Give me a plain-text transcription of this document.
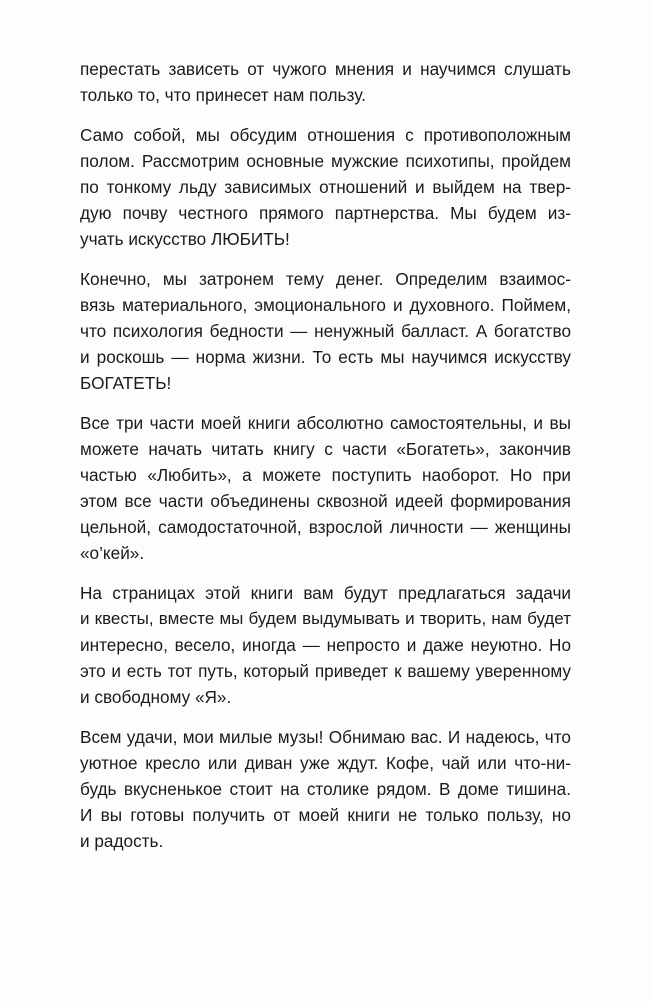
перестать зависеть от чужого мнения и научимся слушать
только то, что принесет нам пользу.
Само собой, мы обсудим отношения с противоположным
полом. Рассмотрим основные мужские психотипы, пройдем
по тонкому льду зависимых отношений и выйдем на твер-
дую почву честного прямого партнерства. Мы будем из-
учать искусство ЛЮБИТЬ!
Конечно, мы затронем тему денег. Определим взаимос-
вязь материального, эмоционального и духовного. Поймем,
что психология бедности — ненужный балласт. А богатство
и роскошь — норма жизни. То есть мы научимся искусству
БОГАТЕТЬ!
Все три части моей книги абсолютно самостоятельны, и вы
можете начать читать книгу с части «Богатеть», закончив
частью «Любить», а можете поступить наоборот. Но при
этом все части объединены сквозной идеей формирования
цельной, самодостаточной, взрослой личности — женщины
«о’кей».
На страницах этой книги вам будут предлагаться задачи
и квесты, вместе мы будем выдумывать и творить, нам будет
интересно, весело, иногда — непросто и даже неуютно. Но
это и есть тот путь, который приведет к вашему уверенному
и свободному «Я».
Всем удачи, мои милые музы! Обнимаю вас. И надеюсь, что
уютное кресло или диван уже ждут. Кофе, чай или что-ни-
будь вкусненькое стоит на столике рядом. В доме тишина.
И вы готовы получить от моей книги не только пользу, но
и радость.
